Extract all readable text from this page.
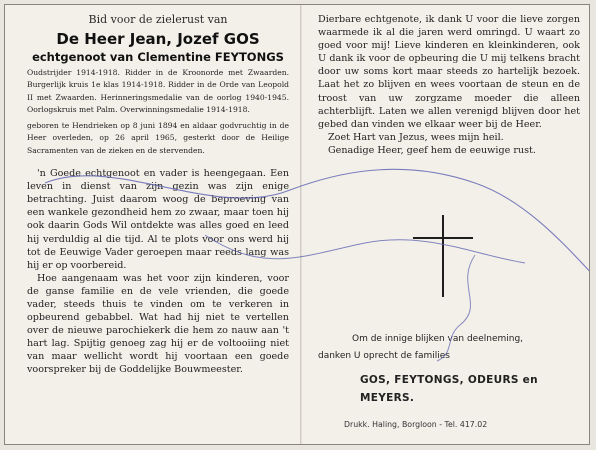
Bid voor de zielerust van
De Heer Jean, Jozef GOS
echtgenoot van Clementine FEYTONGS
Oudstrijder 1914-1918. Ridder in de Kroonorde met Zwaarden. Burgerlijk kruis 1e klas 1914-1918. Ridder in de Orde van Leopold II met Zwaarden. Herinneringsmedalie van de oorlog 1940-1945. Oorlogskruis met Palm. Overwinningsmedalie 1914-1918.
geboren te Hendrieken op 8 juni 1894 en aldaar godvruchtig in de Heer overleden, op 26 april 1965, gesterkt door de Heilige Sacramenten van de zieken en de stervenden.

'n Goede echtgenoot en vader is heengegaan. Een leven in dienst van zijn gezin was zijn enige betrachting. Juist daarom woog de beproeving van een wankele gezondheid hem zo zwaar, maar toen hij ook daarin Gods Wil ontdekte was alles goed en leed hij verduldig al die tijd. Al te plots voor ons werd hij tot de Eeuwige Vader geroepen maar reeds lang was hij er op voorbereid.

Hoe aangenaam was het voor zijn kinderen, voor de ganse familie en de vele vrienden, die goede vader, steeds thuis te vinden om te verkeren in opbeurend gebabbel. Wat had hij niet te vertellen over de nieuwe parochiekerk die hem zo nauw aan 't hart lag. Spijtig genoeg zag hij er de voltooiing niet van maar wellicht wordt hij voortaan een goede voorspreker bij de Goddelijke Bouwmeester.

Dierbare echtgenote, ik dank U voor die lieve zorgen waarmede ik al die jaren werd omringd. U waart zo goed voor mij! Lieve kinderen en kleinkinderen, ook U dank ik voor de opbeuring die U mij telkens bracht door uw soms kort maar steeds zo hartelijk bezoek. Laat het zo blijven en wees voortaan de steun en de troost van uw zorgzame moeder die alleen achterblijft. Laten we allen verenigd blijven door het gebed dan vinden we elkaar weer bij de Heer.

Zoet Hart van Jezus, wees mijn heil.
Genadige Heer, geef hem de eeuwige rust.
Om de innige blijken van deelneming,
danken U oprecht de families
GOS, FEYTONGS, ODEURS en
MEYERS.
Drukk. Haling, Borgloon - Tel. 417.02
